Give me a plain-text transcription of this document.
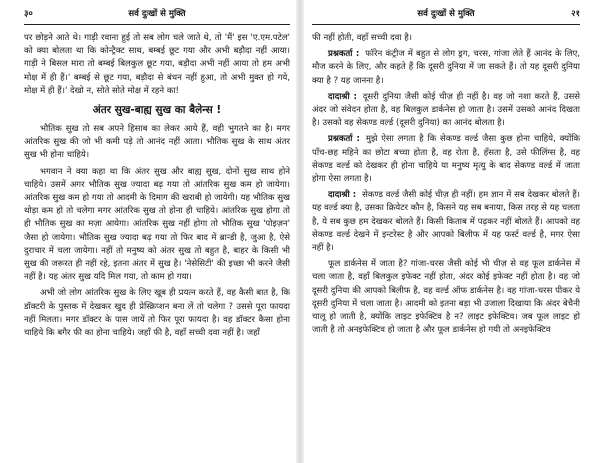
३०	सर्व दुःखों से मुक्ति

पर छोड़ने आते थे। गाड़ी रवाना हुई तो सब लोग चले जाते थे, तो 'मैं' इस 'ए.एम.पटेल' को क्या बोलता था कि कोन्ट्रैक्ट साथ, बम्बई छूट गया और अभी बड़ौदा नहीं आया। गाड़ी ने बिसल मारा तो बम्बई बिलकुल छूट गया, बड़ौदा अभी नहीं आया तो हम अभी मोक्ष में ही हैं।' बम्बई से छूट गया, बड़ौदा से बंधन नहीं हुआ, तो अभी मुक्त हो गये, मोक्ष में ही हैं।' देखो न, सोते सोते मोक्ष में रहने का!

अंतर सुख-बाह्य सुख का बैलेन्स !

भौतिक सुख तो सब अपने हिसाब का लेकर आये हैं, वही भुगतने का है। मगर आंतरिक सुख की जो भी कमी पड़े तो आनंद नहीं आता। भौतिक सुख के साथ अंतर सुख भी होना चाहिये।

भगवान ने क्या कहा था कि अंतर सुख और बाह्य सुख, दोनों सुख साथ होने चाहिये। उसमें अगर भौतिक सुख ज्यादा बढ़ गया तो आंतरिक सुख कम हो जायेगा। आंतरिक सुख कम हो गया तो आदमी के दिमाग की खराबी हो जायेगी। यह भौतिक सुख थोड़ा कम हो तो चलेगा मगर आंतरिक सुख तो होना ही चाहिये। आंतरिक सुख होगा तो ही भौतिक सुख का मज़ा आयेगा। आंतरिक सुख नहीं होगा तो भौतिक सुख 'पोइज़न' जैसा हो जायेगा। भौतिक सुख ज्यादा बढ़ गया तो फिर बाद में ब्रान्डी है, जुआ है, ऐसे दुराचार में चला जायेगा। नहीं तो मनुष्य को अंतर सुख तो बहुत है, बाहर के किसी भी सुख की जरूरत ही नहीं रहे, इतना अंतर में सुख है। 'नेसेसिटी' की इच्छा भी करने जैसी नहीं है। यह अंतर सुख यदि मिल गया, तो काम हो गया।

अभी जो लोग आंतरिक सुख के लिए खूब ही प्रयत्न करते हैं, वह कैसी बात है, कि डॉक्टरी के पुस्तक में देखकर खुद ही प्रेस्क्रिप्शन बना लें तो चलेगा ? उससे पूरा फायदा नहीं मिलता। मगर डॉक्टर के पास जायें तो फिर पूरा फायदा है। वह डॉक्टर कैसा होना चाहिये कि बगैर फी का होना चाहिये। जहाँ फी है, वहाँ सच्ची दवा नहीं है। जहाँ

सर्व दुःखों से मुक्ति	२१

फी नहीं होती, वहाँ सच्ची दवा है।

प्रश्नकर्ता : फॉरेन कंट्रीज में बहुत से लोग ड्रग, चरस, गांजा लेते हैं आनंद के लिए, मौज करने के लिए, और कहते हैं कि दूसरी दुनिया में जा सकते हैं। तो यह दूसरी दुनिया क्या है ? यह जानना है।

दादाश्री : दूसरी दुनिया जैसी कोई चीज़ ही नहीं है। वह जो नशा करते हैं, उससे अंदर जो संवेदन होता है, वह बिलकुल डार्कनेस हो जाता है। उसमें उसको आनंद दिखता है। उसको वह सेकण्ड वर्ल्ड (दूसरी दुनिया) का आनंद बोलता है।

प्रश्नकर्ता : मुझे ऐसा लगता है कि सेकण्ड वर्ल्ड जैसा कुछ होना चाहिये, क्योंकि पाँच-छह महिने का छोटा बच्चा होता है, वह रोता है, हँसता है, उसे फीलिंग्स है, वह सेकण्ड वर्ल्ड को देखकर ही होना चाहिये या मनुष्य मृत्यु के बाद सेकण्ड वर्ल्ड में जाता होगा ऐसा लगता है।

दादाश्री : सेकण्ड वर्ल्ड जैसी कोई चीज़ ही नहीं। हम ज्ञान में सब देखकर बोलते हैं। यह वर्ल्ड क्या है, उसका क्रियेटर कौन है, किसने यह सब बनाया, किस तरह से यह चलता है, ये सब कुछ हम देखकर बोलते हैं। किसी किताब में पढ़कर नहीं बोलते हैं। आपको वह सेकण्ड वर्ल्ड देखने में इन्टरेस्ट है और आपको बिलीफ में यह फर्स्ट वर्ल्ड है, मगर ऐसा नहीं है।

फूल डार्कनेस में जाता है? गांजा-चरस जैसी कोई भी चीज़ से वह फूल डार्कनेस में चला जाता है, वहाँ बिलकुल इफेक्ट नहीं होता, अंदर कोई इफेक्ट नहीं होता है। वह जो दूसरी दुनिया की आपको बिलीफ है, वह वर्ल्ड ऑफ डार्कनेस है। वह गांजा-चरस पीकर ये दूसरी दुनिया में चला जाता है। आदमी को इतना बड़ा भी उजाला दिखाया कि अंदर बेचैनी चालू हो जाती है, क्योंकि लाइट इफेक्टिव है न? लाइट इफेक्टिव। जब फूल लाइट हो जाती है तो अनइफेक्टिव हो जाता है और फूल डार्कनेस हो गयी तो अनइफेक्टिव
